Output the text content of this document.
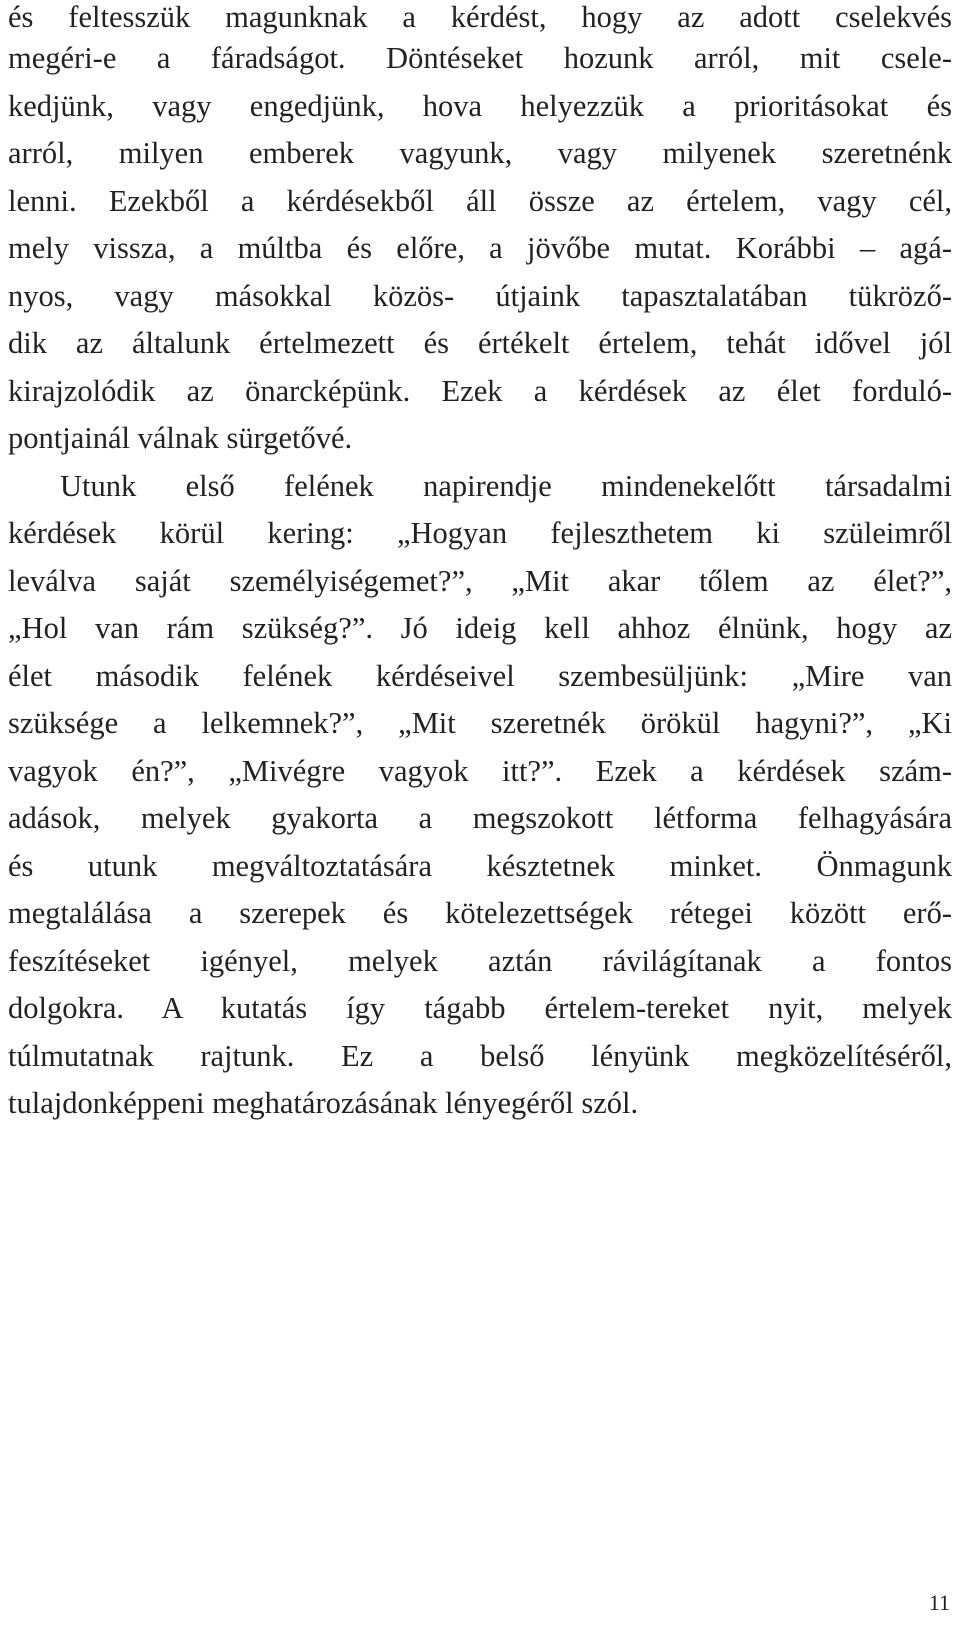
és feltesszük magunknak a kérdést, hogy az adott cselekvés
megéri-e a fáradságot. Döntéseket hozunk arról, mit csele-
kedjünk, vagy engedjünk, hova helyezzük a prioritásokat és
arról, milyen emberek vagyunk, vagy milyenek szeretnénk
lenni. Ezekből a kérdésekből áll össze az értelem, vagy cél,
mely vissza, a múltba és előre, a jövőbe mutat. Korábbi – agá-
nyos, vagy másokkal közös- útjaink tapasztalatában tükröző-
dik az általunk értelmezett és értékelt értelem, tehát idővel jól
kirajzolódik az önarcképünk. Ezek a kérdések az élet forduló-
pontjainál válnak sürgetővé.
Utunk első felének napirendje mindenekelőtt társadalmi
kérdések körül kering: „Hogyan fejleszthetem ki szüleimről
leválva saját személyiségemet?”, „Mit akar tőlem az élet?”,
„Hol van rám szükség?”. Jó ideig kell ahhoz élnünk, hogy az
élet második felének kérdéseivel szembesüljünk: „Mire van
szüksége a lelkemnek?”, „Mit szeretnék örökül hagyni?”, „Ki
vagyok én?”, „Mivégre vagyok itt?”. Ezek a kérdések szám-
adások, melyek gyakorta a megszokott létforma felhagyására
és utunk megváltoztatására késztetnek minket. Önmagunk
megtalálása a szerepek és kötelezettségek rétegei között erő-
feszítéseket igényel, melyek aztán rávilágítanak a fontos
dolgokra. A kutatás így tágabb értelem-tereket nyit, melyek
túlmutatnak rajtunk. Ez a belső lényünk megközelítéséről,
tulajdonképpeni meghatározásának lényegéről szól.
11
